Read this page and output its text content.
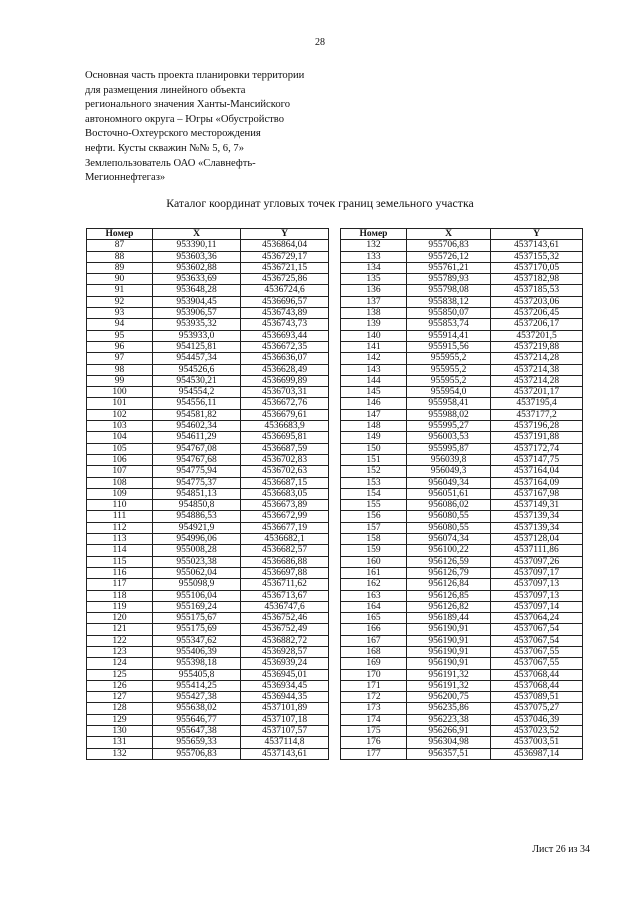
28
Основная часть проекта планировки территории
для размещения линейного объекта
регионального значения Ханты-Мансийского
автономного округа – Югры «Обустройство
Восточно-Охтеурского месторождения
нефти. Кусты скважин №№ 5, 6, 7»
Землепользователь ОАО «Славнефть-
Мегионнефтегаз»
Каталог координат угловых точек границ земельного участка
Номер	X	Y
87	953390,11	4536864,04
88	953603,36	4536729,17
89	953602,88	4536721,15
90	953633,69	4536725,86
91	953648,28	4536724,6
92	953904,45	4536696,57
93	953906,57	4536743,89
94	953935,32	4536743,73
95	953933,0	4536693,44
96	954125,81	4536672,35
97	954457,34	4536636,07
98	954526,6	4536628,49
99	954530,21	4536699,89
100	954554,2	4536703,31
101	954556,11	4536672,76
102	954581,82	4536679,61
103	954602,34	4536683,9
104	954611,29	4536695,81
105	954767,08	4536687,59
106	954767,68	4536702,83
107	954775,94	4536702,63
108	954775,37	4536687,15
109	954851,13	4536683,05
110	954850,8	4536673,89
111	954886,53	4536672,99
112	954921,9	4536677,19
113	954996,06	4536682,1
114	955008,28	4536682,57
115	955023,38	4536686,88
116	955062,04	4536697,88
117	955098,9	4536711,62
118	955106,04	4536713,67
119	955169,24	4536747,6
120	955175,67	4536752,46
121	955175,69	4536752,49
122	955347,62	4536882,72
123	955406,39	4536928,57
124	955398,18	4536939,24
125	955405,8	4536945,01
126	955414,25	4536934,45
127	955427,38	4536944,35
128	955638,02	4537101,89
129	955646,77	4537107,18
130	955647,38	4537107,57
131	955659,33	4537114,8
132	955706,83	4537143,61
Номер	X	Y
132	955706,83	4537143,61
133	955726,12	4537155,32
134	955761,21	4537170,05
135	955789,93	4537182,98
136	955798,08	4537185,53
137	955838,12	4537203,06
138	955850,07	4537206,45
139	955853,74	4537206,17
140	955914,41	4537201,5
141	955915,56	4537219,88
142	955955,2	4537214,28
143	955955,2	4537214,38
144	955955,2	4537214,28
145	955954,0	4537201,17
146	955958,41	4537195,4
147	955988,02	4537177,2
148	955995,27	4537196,28
149	956003,53	4537191,88
150	955995,87	4537172,74
151	956039,8	4537147,75
152	956049,3	4537164,04
153	956049,34	4537164,09
154	956051,61	4537167,98
155	956086,02	4537149,31
156	956080,55	4537139,34
157	956080,55	4537139,34
158	956074,34	4537128,04
159	956100,22	4537111,86
160	956126,59	4537097,26
161	956126,79	4537097,17
162	956126,84	4537097,13
163	956126,85	4537097,13
164	956126,82	4537097,14
165	956189,44	4537064,24
166	956190,91	4537067,54
167	956190,91	4537067,54
168	956190,91	4537067,55
169	956190,91	4537067,55
170	956191,32	4537068,44
171	956191,32	4537068,44
172	956200,75	4537089,51
173	956235,86	4537075,27
174	956223,38	4537046,39
175	956266,91	4537023,52
176	956304,98	4537003,51
177	956357,51	4536987,14
Лист 26 из 34
